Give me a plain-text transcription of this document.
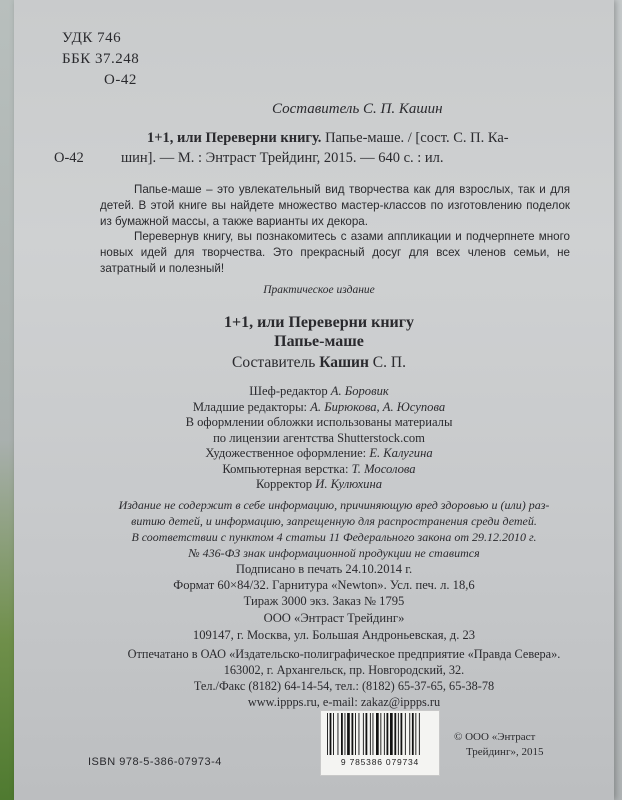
УДК 746
ББК 37.248
О-42
Составитель С. П. Кашин
1+1, или Переверни книгу. Папье-маше. / [сост. С. П. Ка-
О-42	шин]. — М. : Энтраст Трейдинг, 2015. — 640 с. : ил.

Папье-маше – это увлекательный вид творчества как для взрослых, так и для детей. В этой книге вы найдете множество мастер-классов по изготовлению поделок из бумажной массы, а также варианты их декора.

Перевернув книгу, вы познакомитесь с азами аппликации и подчерпнете много новых идей для творчества. Это прекрасный досуг для всех членов семьи, не затратный и полезный!

Практическое издание
1+1, или Переверни книгу
Папье-маше
Составитель Кашин С. П.
Шеф-редактор А. Боровик
Младшие редакторы: А. Бирюкова, А. Юсупова
В оформлении обложки использованы материалы
по лицензии агентства Shutterstock.com
Художественное оформление: Е. Калугина
Компьютерная верстка: Т. Мосолова
Корректор И. Кулюхина
Издание не содержит в себе информацию, причиняющую вред здоровью и (или) раз-
витию детей, и информацию, запрещенную для распространения среди детей.
В соответствии с пунктом 4 статьи 11 Федерального закона от 29.12.2010 г.
№ 436-ФЗ знак информационной продукции не ставится
Подписано в печать 24.10.2014 г.
Формат 60×84/32. Гарнитура «Newton». Усл. печ. л. 18,6
Тираж 3000 экз. Заказ № 1795
ООО «Энтраст Трейдинг»
109147, г. Москва, ул. Большая Андроньевская, д. 23
Отпечатано в ОАО «Издательско-полиграфическое предприятие «Правда Севера».
163002, г. Архангельск, пр. Новгородский, 32.
Тел./Факс (8182) 64-14-54, тел.: (8182) 65-37-65, 65-38-78
www.ippps.ru, e-mail: zakaz@ippps.ru
ISBN 978-5-386-07973-4	9 785386 079734
© ООО «Энтраст
Трейдинг», 2015
